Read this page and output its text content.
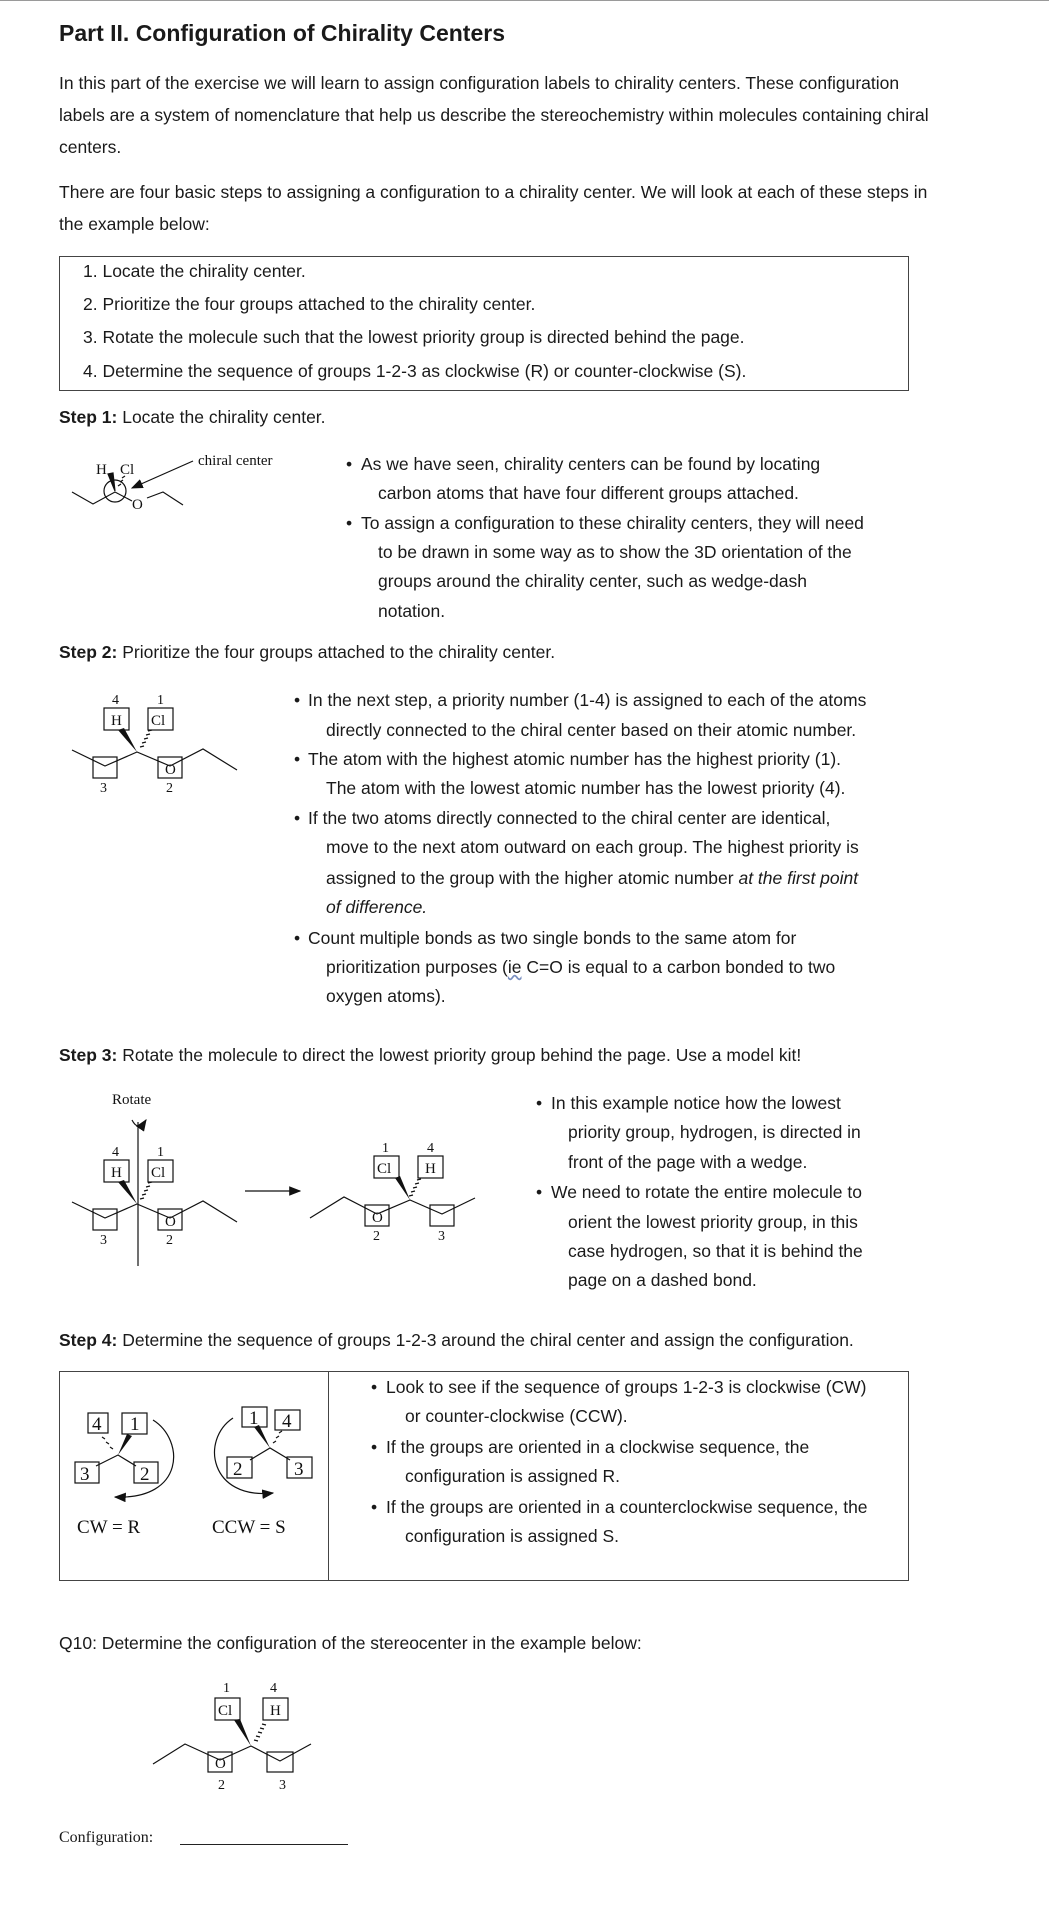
Part II. Configuration of Chirality Centers
In this part of the exercise we will learn to assign configuration labels to chirality centers. These configuration
labels are a system of nomenclature that help us describe the stereochemistry within molecules containing chiral
centers.
There are four basic steps to assigning a configuration to a chirality center. We will look at each of these steps in
the example below:
1. Locate the chirality center.
2. Prioritize the four groups attached to the chirality center.
3. Rotate the molecule such that the lowest priority group is directed behind the page.
4. Determine the sequence of groups 1-2-3 as clockwise (R) or counter-clockwise (S).
Step 1: Locate the chirality center.
• As we have seen, chirality centers can be found by locating
carbon atoms that have four different groups attached.
• To assign a configuration to these chirality centers, they will need
to be drawn in some way as to show the 3D orientation of the
groups around the chirality center, such as wedge-dash
notation.
Step 2: Prioritize the four groups attached to the chirality center.
• In the next step, a priority number (1-4) is assigned to each of the atoms
directly connected to the chiral center based on their atomic number.
• The atom with the highest atomic number has the highest priority (1).
The atom with the lowest atomic number has the lowest priority (4).
• If the two atoms directly connected to the chiral center are identical,
move to the next atom outward on each group. The highest priority is
assigned to the group with the higher atomic number at the first point
of difference.
• Count multiple bonds as two single bonds to the same atom for
prioritization purposes (ie C=O is equal to a carbon bonded to two
oxygen atoms).
Step 3: Rotate the molecule to direct the lowest priority group behind the page. Use a model kit!
• In this example notice how the lowest
priority group, hydrogen, is directed in
front of the page with a wedge.
• We need to rotate the entire molecule to
orient the lowest priority group, in this
case hydrogen, so that it is behind the
page on a dashed bond.
Step 4: Determine the sequence of groups 1-2-3 around the chiral center and assign the configuration.
• Look to see if the sequence of groups 1-2-3 is clockwise (CW)
or counter-clockwise (CCW).
• If the groups are oriented in a clockwise sequence, the
configuration is assigned R.
• If the groups are oriented in a counterclockwise sequence, the
configuration is assigned S.
Q10: Determine the configuration of the stereocenter in the example below:
Configuration:
H Cl
O
chiral center
4	1
H Cl
O
3	2
Rotate
4	1
H Cl
O
3	2
1	4
Cl H
O
2	3
4 1
3	2
CW = R
1 4
2	3
CCW = S
1	4
Cl	H
O
2	3
